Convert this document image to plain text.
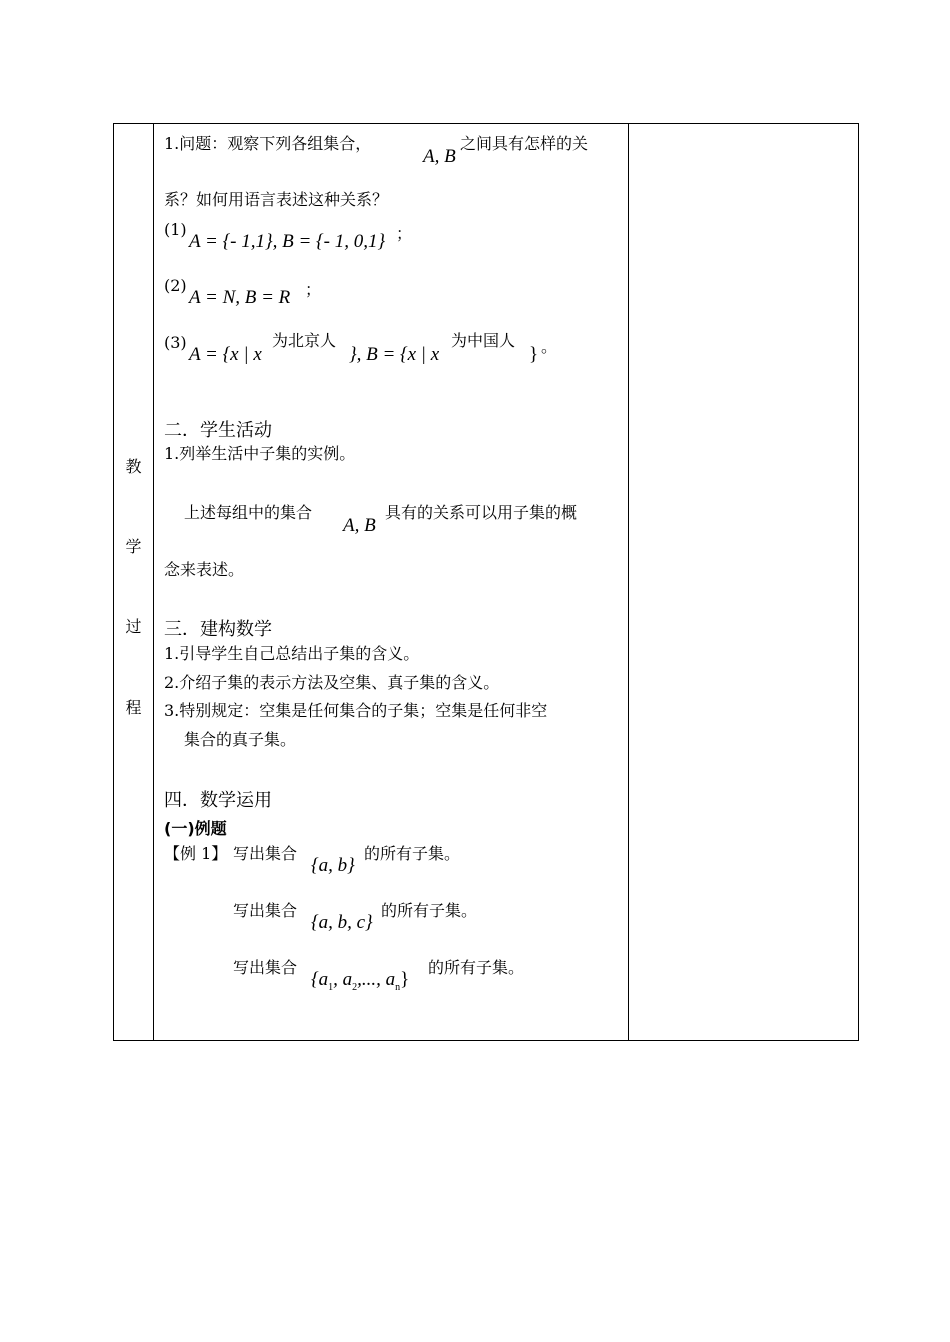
教
学
过
程
1.问题：观察下列各组集合，
A, B
之间具有怎样的关
系？如何用语言表述这种关系？
(1)
A = {- 1,1}, B = {- 1, 0,1} ；
(2)
A = N, B = R ；
(3)
A = {x | x
为北京人
}, B = {x | x
为中国人
} 。
二．学生活动
1.列举生活中子集的实例。
上述每组中的集合
A, B
具有的关系可以用子集的概
念来表述。
三．建构数学
1.引导学生自己总结出子集的含义。
2.介绍子集的表示方法及空集、真子集的含义。
3.特别规定：空集是任何集合的子集；空集是任何非空
集合的真子集。
四．数学运用
(一)例题
【例 1】 写出集合
{a, b}
的所有子集。
写出集合
{a, b, c}
的所有子集。
写出集合
{$a_1$, $a_2$,..., $a_n$}
的所有子集。
